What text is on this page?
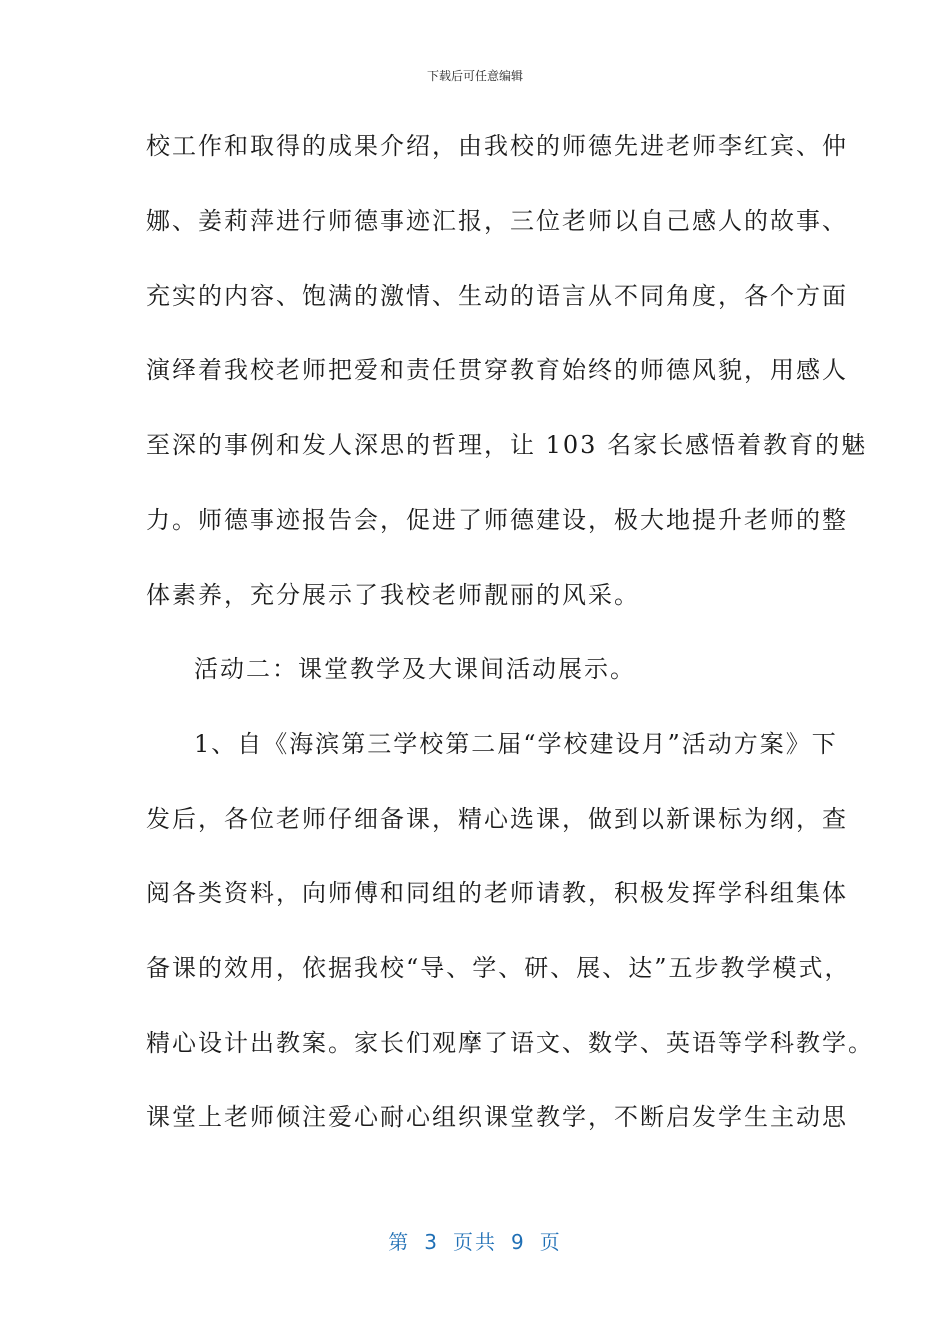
下载后可任意编辑
校工作和取得的成果介绍，由我校的师德先进老师李红宾、仲
娜、姜莉萍进行师德事迹汇报，三位老师以自己感人的故事、
充实的内容、饱满的激情、生动的语言从不同角度，各个方面
演绎着我校老师把爱和责任贯穿教育始终的师德风貌，用感人
至深的事例和发人深思的哲理，让 103 名家长感悟着教育的魅
力。师德事迹报告会，促进了师德建设，极大地提升老师的整
体素养，充分展示了我校老师靓丽的风采。
活动二：课堂教学及大课间活动展示。
1、自《海滨第三学校第二届“学校建设月”活动方案》下
发后，各位老师仔细备课，精心选课，做到以新课标为纲，查
阅各类资料，向师傅和同组的老师请教，积极发挥学科组集体
备课的效用，依据我校“导、学、研、展、达”五步教学模式，
精心设计出教案。家长们观摩了语文、数学、英语等学科教学。
课堂上老师倾注爱心耐心组织课堂教学，不断启发学生主动思
第 3 页共 9 页
